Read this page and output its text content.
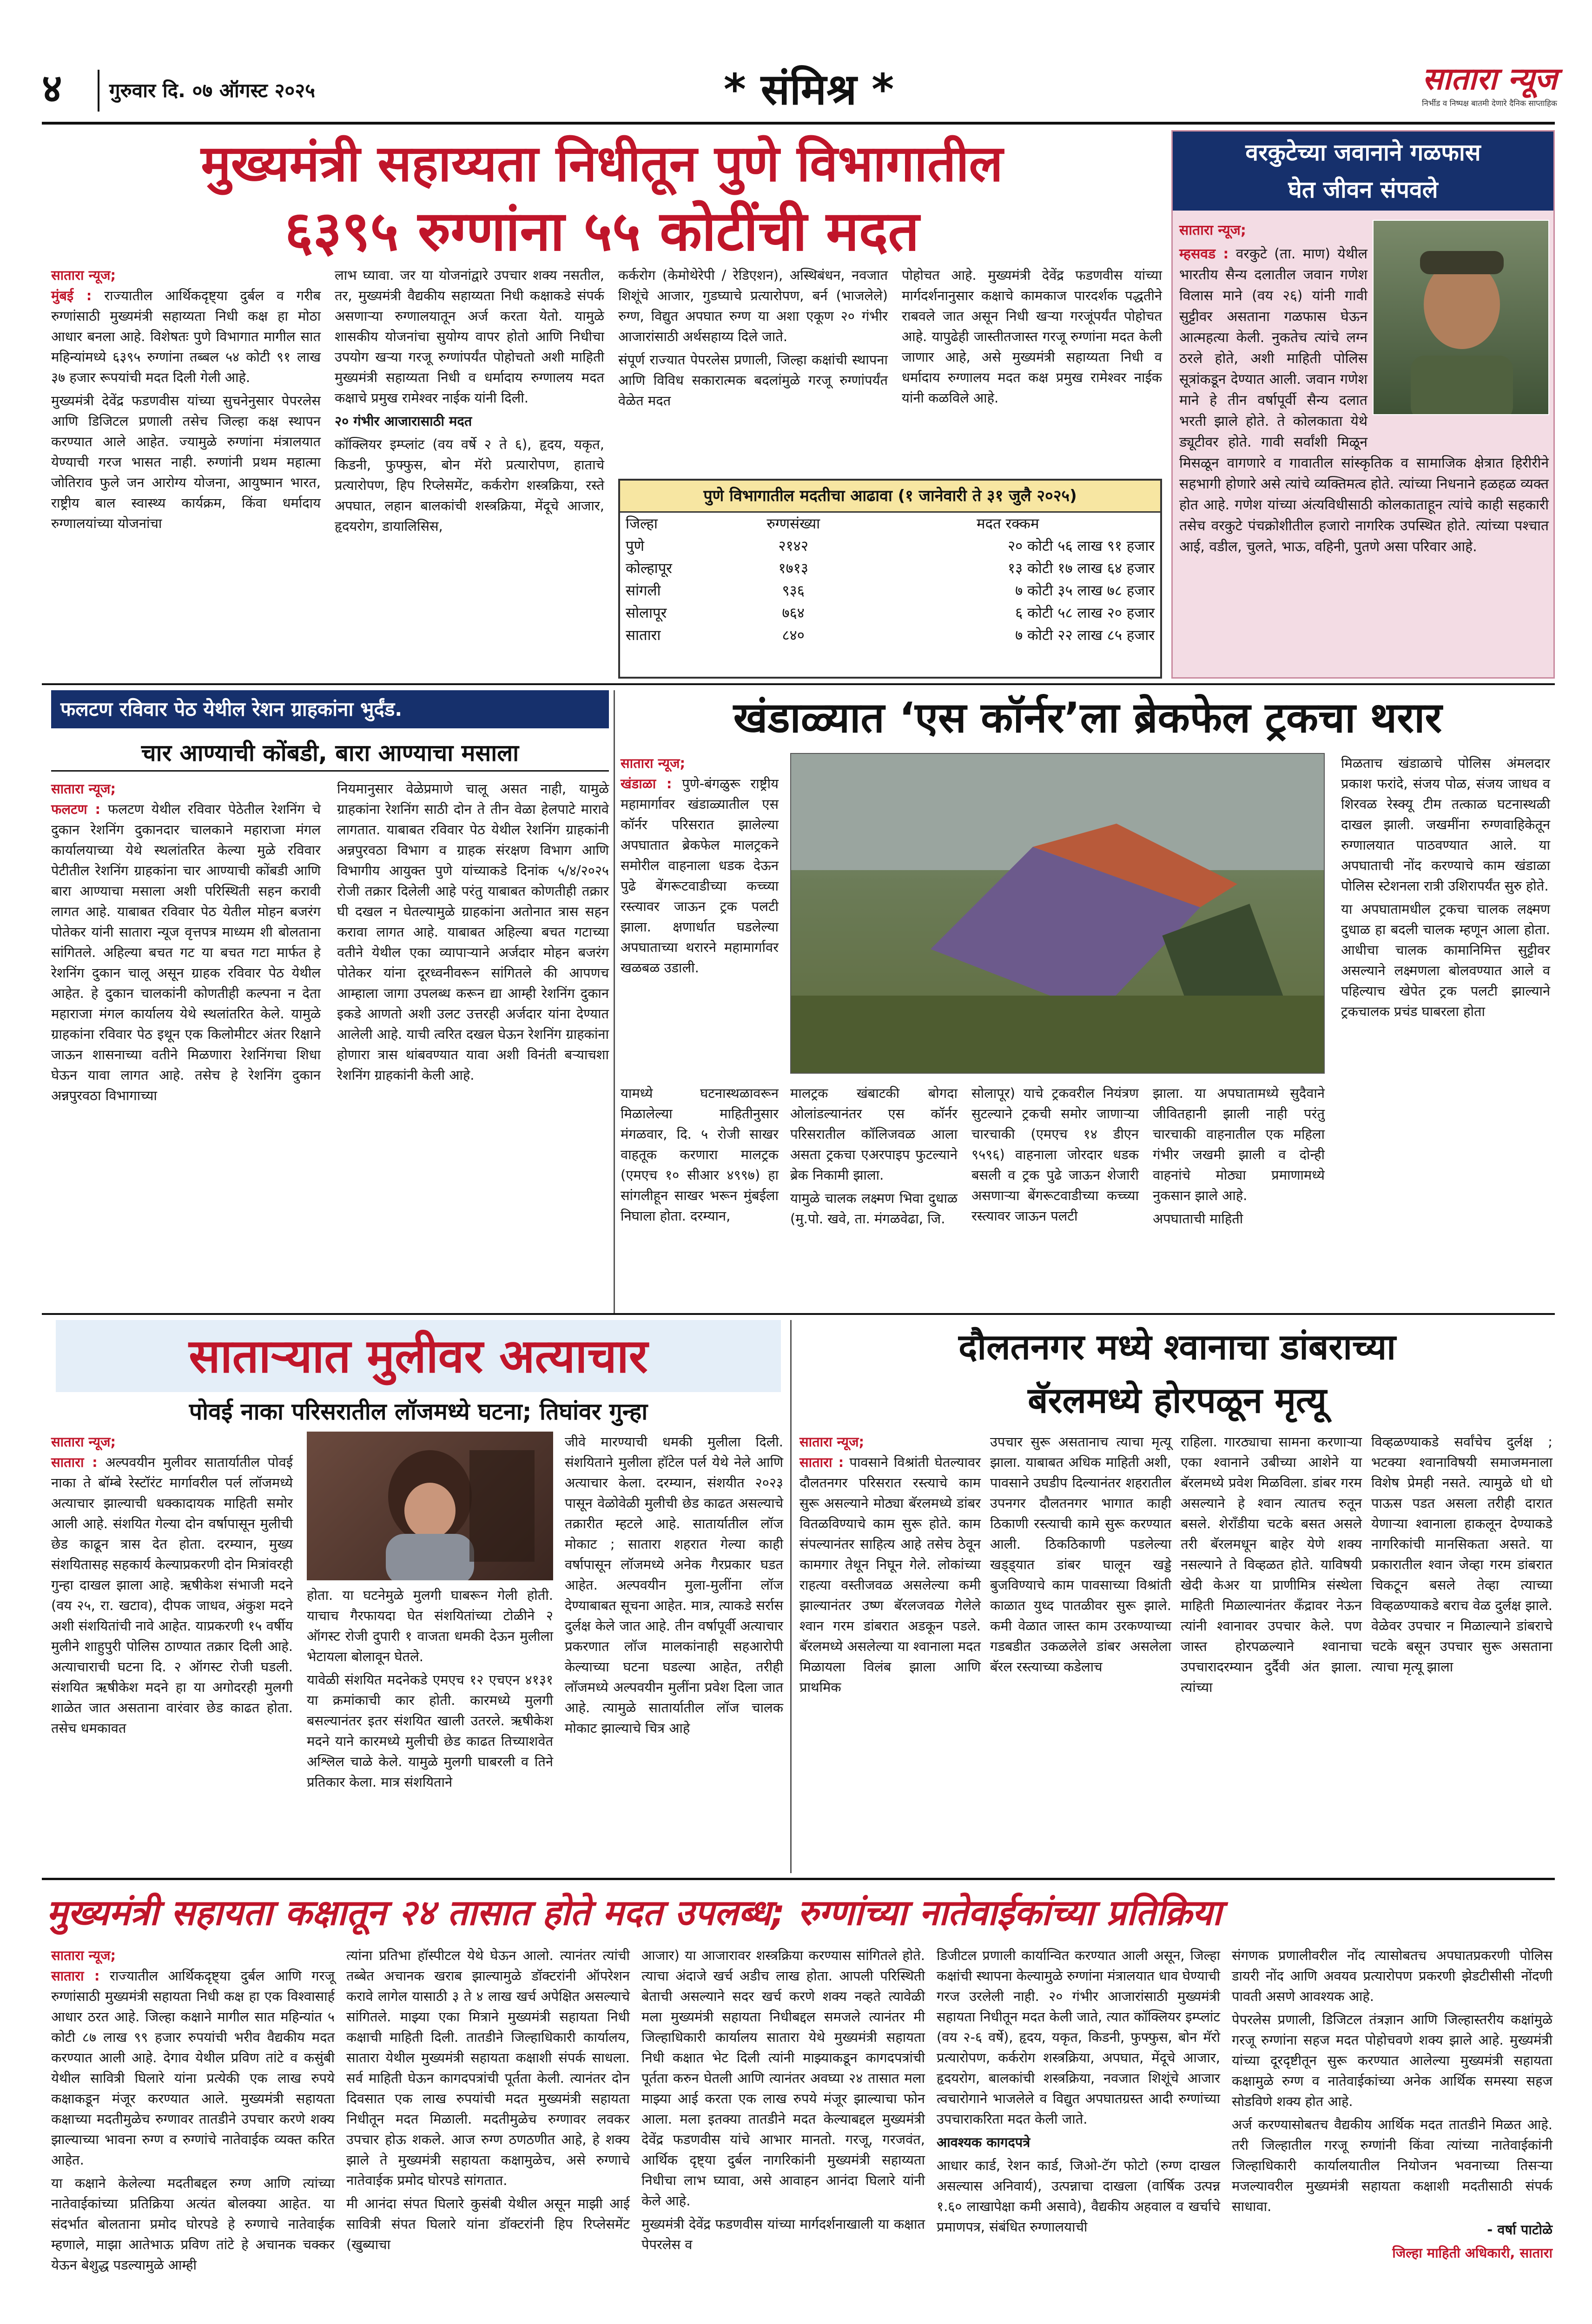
४	गुरुवार दि. ०७ ऑगस्ट २०२५	* संमिश्र *	सातारा न्यूज
निर्भीड व निष्पक्ष बातमी देणारे दैनिक साप्ताहिक
मुख्यमंत्री सहाय्यता निधीतून पुणे विभागातील
६३९५ रुग्णांना ५५ कोटींची मदत
सातारा न्यूज;

मुंबई : राज्यातील आर्थिकदृष्ट्या दुर्बल व गरीब रुग्णांसाठी मुख्यमंत्री सहाय्यता निधी कक्ष हा मोठा आधार बनला आहे. विशेषतः पुणे विभागात मागील सात महिन्यांमध्ये ६३९५ रुग्णांना तब्बल ५४ कोटी ९१ लाख ३७ हजार रूपयांची मदत दिली गेली आहे.

मुख्यमंत्री देवेंद्र फडणवीस यांच्या सुचनेनुसार पेपरलेस आणि डिजिटल प्रणाली तसेच जिल्हा कक्ष स्थापन करण्यात आले आहेत. ज्यामुळे रुग्णांना मंत्रालयात येण्याची गरज भासत नाही. रुग्णांनी प्रथम महात्मा जोतिराव फुले जन आरोग्य योजना, आयुष्मान भारत, राष्ट्रीय बाल स्वास्थ्य कार्यक्रम, किंवा धर्मादाय रुग्णालयांच्या योजनांचा

लाभ घ्यावा. जर या योजनांद्वारे उपचार शक्य नसतील, तर, मुख्यमंत्री वैद्यकीय सहाय्यता निधी कक्षाकडे संपर्क असणाऱ्या रुग्णालयातून अर्ज करता येतो. यामुळे शासकीय योजनांचा सुयोग्य वापर होतो आणि निधीचा उपयोग खऱ्या गरजू रुग्णांपर्यंत पोहोचतो अशी माहिती मुख्यमंत्री सहाय्यता निधी व धर्मादाय रुग्णालय मदत कक्षाचे प्रमुख रामेश्वर नाईक यांनी दिली.

२० गंभीर आजारासाठी मदत

कॉक्लियर इम्प्लांट (वय वर्षे २ ते ६), हृदय, यकृत, किडनी, फुफ्फुस, बोन मॅरो प्रत्यारोपण, हाताचे प्रत्यारोपण, हिप रिप्लेसमेंट, कर्करोग शस्त्रक्रिया, रस्ते अपघात, लहान बालकांची शस्त्रक्रिया, मेंदूचे आजार, हृदयरोग, डायालिसिस,

कर्करोग (केमोथेरेपी / रेडिएशन), अस्थिबंधन, नवजात शिशूंचे आजार, गुडघ्याचे प्रत्यारोपण, बर्न (भाजलेले) रुग्ण, विद्युत अपघात रुग्ण या अशा एकूण २० गंभीर आजारांसाठी अर्थसहाय्य दिले जाते.

संपूर्ण राज्यात पेपरलेस प्रणाली, जिल्हा कक्षांची स्थापना आणि विविध सकारात्मक बदलांमुळे गरजू रुग्णांपर्यंत वेळेत मदत

पोहोचत आहे. मुख्यमंत्री देवेंद्र फडणवीस यांच्या मार्गदर्शनानुसार कक्षाचे कामकाज पारदर्शक पद्धतीने राबवले जात असून निधी खऱ्या गरजूंपर्यंत पोहोचत आहे. यापुढेही जास्तीतजास्त गरजू रुग्णांना मदत केली जाणार आहे, असे मुख्यमंत्री सहाय्यता निधी व धर्मादाय रुग्णालय मदत कक्ष प्रमुख रामेश्वर नाईक यांनी कळविले आहे.

पुणे विभागातील मदतीचा आढावा (१ जानेवारी ते ३१ जुलै २०२५)
जिल्हा	रुग्णसंख्या	मदत रक्कम
पुणे	२१४२	२० कोटी ५६ लाख ९१ हजार
कोल्हापूर	१७१३	१३ कोटी १७ लाख ६४ हजार
सांगली	९३६	७ कोटी ३५ लाख ७८ हजार
सोलापूर	७६४	६ कोटी ५८ लाख २० हजार
सातारा	८४०	७ कोटी २२ लाख ८५ हजार
वरकुटेच्या जवानाने गळफास
घेत जीवन संपवले
सातारा न्यूज;

म्हसवड : वरकुटे (ता. माण) येथील भारतीय सैन्य दलातील जवान गणेश विलास माने (वय २६) यांनी गावी सुट्टीवर असताना गळफास घेऊन आत्महत्या केली. नुकतेच त्यांचे लग्न ठरले होते, अशी माहिती पोलिस सूत्रांकडून देण्यात आली. जवान गणेश माने हे तीन वर्षापूर्वी सैन्य दलात भरती झाले होते. ते कोलकाता येथे ड्यूटीवर होते. गावी सर्वांशी मिळून मिसळून वागणारे व गावातील सांस्कृतिक व सामाजिक क्षेत्रात हिरीरीने सहभागी होणारे असे त्यांचे व्यक्तिमत्व होते. त्यांच्या निधनाने हळहळ व्यक्त होत आहे. गणेश यांच्या अंत्यविधीसाठी कोलकाताहून त्यांचे काही सहकारी तसेच वरकुटे पंचक्रोशीतील हजारो नागरिक उपस्थित होते. त्यांच्या पश्चात आई, वडील, चुलते, भाऊ, वहिनी, पुतणे असा परिवार आहे.

फलटण रविवार पेठ येथील रेशन ग्राहकांना भुर्दंड.
चार आण्याची कोंबडी, बारा आण्याचा मसाला
सातारा न्यूज;

फलटण : फलटण येथील रविवार पेठेतील रेशनिंग चे दुकान रेशनिंग दुकानदार चालकाने महाराजा मंगल कार्यालयाच्या येथे स्थलांतरित केल्या मुळे रविवार पेटीतील रेशनिंग ग्राहकांना चार आण्याची कोंबडी आणि बारा आण्याचा मसाला अशी परिस्थिती सहन करावी लागत आहे. याबाबत रविवार पेठ येतील मोहन बजरंग पोतेकर यांनी सातारा न्यूज वृत्तपत्र माध्यम शी बोलताना सांगितले. अहिल्या बचत गट या बचत गटा मार्फत हे रेशनिंग दुकान चालू असून ग्राहक रविवार पेठ येथील आहेत. हे दुकान चालकांनी कोणतीही कल्पना न देता महाराजा मंगल कार्यालय येथे स्थलांतरित केले. यामुळे ग्राहकांना रविवार पेठ इथून एक किलोमीटर अंतर रिक्षाने जाऊन शासनाच्या वतीने मिळणारा रेशनिंगचा शिधा घेऊन यावा लागत आहे. तसेच हे रेशनिंग दुकान अन्नपुरवठा विभागाच्या

नियमानुसार वेळेप्रमाणे चालू असत नाही, यामुळे ग्राहकांना रेशनिंग साठी दोन ते तीन वेळा हेलपाटे मारावे लागतात. याबाबत रविवार पेठ येथील रेशनिंग ग्राहकांनी अन्नपुरवठा विभाग व ग्राहक संरक्षण विभाग आणि विभागीय आयुक्त पुणे यांच्याकडे दिनांक ५/४/२०२५ रोजी तक्रार दिलेली आहे परंतु याबाबत कोणतीही तक्रार घी दखल न घेतल्यामुळे ग्राहकांना अतोनात त्रास सहन करावा लागत आहे. याबाबत अहिल्या बचत गटाच्या वतीने येथील एका व्यापाऱ्याने अर्जदार मोहन बजरंग पोतेकर यांना दूरध्वनीवरून सांगितले की आपणच आम्हाला जागा उपलब्ध करून द्या आम्ही रेशनिंग दुकान इकडे आणतो अशी उलट उत्तरही अर्जदार यांना देण्यात आलेली आहे. याची त्वरित दखल घेऊन रेशनिंग ग्राहकांना होणारा त्रास थांबवण्यात यावा अशी विनंती बऱ्याचशा रेशनिंग ग्राहकांनी केली आहे.

खंडाळ्यात ‘एस कॉर्नर’ला ब्रेकफेल ट्रकचा थरार
सातारा न्यूज;

खंडाळा : पुणे-बंगळुरू राष्ट्रीय महामार्गावर खंडाळ्यातील एस कॉर्नर परिसरात झालेल्या अपघातात ब्रेकफेल मालट्रकने समोरील वाहनाला धडक देऊन पुढे बेंगरूटवाडीच्या कच्च्या रस्त्यावर जाऊन ट्रक पलटी झाला. क्षणार्धात घडलेल्या अपघाताच्या थरारने महामार्गावर खळबळ उडाली.

यामध्ये घटनास्थळावरून मिळालेल्या माहितीनुसार मंगळवार, दि. ५ रोजी साखर वाहतूक करणारा मालट्रक (एमएच १० सीआर ४९९७) हा सांगलीहून साखर भरून मुंबईला निघाला होता. दरम्यान,

मालट्रक खंबाटकी बोगदा ओलांडल्यानंतर एस कॉर्नर परिसरातील कॉलिजवळ आला असता ट्रकचा एअरपाइप फुटल्याने ब्रेक निकामी झाला.

यामुळे चालक लक्ष्मण भिवा दुधाळ (मु.पो. खवे, ता. मंगळवेढा, जि.

सोलापूर) याचे ट्रकवरील नियंत्रण सुटल्याने ट्रकची समोर जाणाऱ्या चारचाकी (एमएच १४ डीएन ९५९६) वाहनाला जोरदार धडक बसली व ट्रक पुढे जाऊन शेजारी असणाऱ्या बेंगरूटवाडीच्या कच्च्या रस्त्यावर जाऊन पलटी

झाला. या अपघातामध्ये सुदैवाने जीवितहानी झाली नाही परंतु चारचाकी वाहनातील एक महिला गंभीर जखमी झाली व दोन्ही वाहनांचे मोठ्या प्रमाणामध्ये नुकसान झाले आहे.

अपघाताची माहिती

मिळताच खंडाळाचे पोलिस अंमलदार प्रकाश फरांदे, संजय पोळ, संजय जाधव व शिरवळ रेस्क्यू टीम तत्काळ घटनास्थळी दाखल झाली. जखमींना रुग्णवाहिकेतून रुग्णालयात पाठवण्यात आले. या अपघाताची नोंद करण्याचे काम खंडाळा पोलिस स्टेशनला रात्री उशिरापर्यंत सुरु होते.

या अपघातामधील ट्रकचा चालक लक्ष्मण दुधाळ हा बदली चालक म्हणून आला होता. आधीचा चालक कामानिमित्त सुट्टीवर असल्याने लक्ष्मणला बोलवण्यात आले व पहिल्याच खेपेत ट्रक पलटी झाल्याने ट्रकचालक प्रचंड घाबरला होता

साताऱ्यात मुलीवर अत्याचार
पोवई नाका परिसरातील लॉजमध्ये घटना; तिघांवर गुन्हा
सातारा न्यूज;

सातारा : अल्पवयीन मुलीवर सातार्यातील पोवई नाका ते बॉम्बे रेस्टॉरंट मार्गावरील पर्ल लॉजमध्ये अत्याचार झाल्याची धक्कादायक माहिती समोर आली आहे. संशयित गेल्या दोन वर्षापासून मुलीची छेड काढून त्रास देत होता. दरम्यान, मुख्य संशयितासह सहकार्य केल्याप्रकरणी दोन मित्रांवरही गुन्हा दाखल झाला आहे. ऋषीकेश संभाजी मदने (वय २५, रा. खटाव), दीपक जाधव, अंकुश मदने अशी संशयितांची नावे आहेत. याप्रकरणी १५ वर्षीय मुलीने शाहुपुरी पोलिस ठाण्यात तक्रार दिली आहे. अत्याचाराची घटना दि. २ ऑगस्ट रोजी घडली. संशयित ऋषीकेश मदने हा या अगोदरही मुलगी शाळेत जात असताना वारंवार छेड काढत होता. तसेच धमकावत

होता. या घटनेमुळे मुलगी घाबरून गेली होती. याचाच गैरफायदा घेत संशयितांच्या टोळीने २ ऑगस्ट रोजी दुपारी १ वाजता धमकी देऊन मुलीला भेटायला बोलावून घेतले.

यावेळी संशयित मदनेकडे एमएच १२ एचएन ४१३१ या क्रमांकाची कार होती. कारमध्ये मुलगी बसल्यानंतर इतर संशयित खाली उतरले. ऋषीकेश मदने याने कारमध्ये मुलीची छेड काढत तिच्याशवेत अश्लिल चाळे केले. यामुळे मुलगी घाबरली व तिने प्रतिकार केला. मात्र संशयिताने

जीवे मारण्याची धमकी मुलीला दिली. संशयिताने मुलीला हॉटेल पर्ल येथे नेले आणि अत्याचार केला. दरम्यान, संशयीत २०२३ पासून वेळोवेळी मुलीची छेड काढत असल्याचे तक्रारीत म्हटले आहे. सातार्यातील लॉज मोकाट ; सातारा शहरात गेल्या काही वर्षापासून लॉजमध्ये अनेक गैरप्रकार घडत आहेत. अल्पवयीन मुला-मुलींना लॉज देण्याबाबत सूचना आहेत. मात्र, त्याकडे सर्रास दुर्लक्ष केले जात आहे. तीन वर्षापूर्वी अत्याचार प्रकरणात लॉज मालकांनाही सहआरोपी केल्याच्या घटना घडल्या आहेत, तरीही लॉजमध्ये अल्पवयीन मुलींना प्रवेश दिला जात आहे. त्यामुळे सातार्यातील लॉज चालक मोकाट झाल्याचे चित्र आहे

दौलतनगर मध्ये श्वानाचा डांबराच्या
बॅरलमध्ये होरपळून मृत्यू
सातारा न्यूज;

सातारा : पावसाने विश्रांती घेतल्यावर दौलतनगर परिसरात रस्त्याचे काम सुरू असल्याने मोठ्या बॅरलमध्ये डांबर वितळविण्याचे काम सुरू होते. काम संपल्यानंतर साहित्य आहे तसेच ठेवून कामगार तेथून निघून गेले. लोकांच्या राहत्या वस्तीजवळ असलेल्या कमी झाल्यानंतर उष्ण बॅरलजवळ गेलेले श्वान गरम डांबरात अडकून पडले. बॅरलमध्ये असलेल्या या श्वानाला मदत मिळायला विलंब झाला आणि प्राथमिक

उपचार सुरू असतानाच त्याचा मृत्यू झाला. याबाबत अधिक माहिती अशी, पावसाने उघडीप दिल्यानंतर शहरातील उपनगर दौलतनगर भागात काही ठिकाणी रस्त्याची कामे सुरू करण्यात आली. ठिकठिकाणी पडलेल्या खड्ड्यात डांबर घालून खड्डे बुजविण्याचे काम पावसाच्या विश्रांती काळात युध्द पातळीवर सुरू झाले. कमी वेळात जास्त काम उरकण्याच्या गडबडीत उकळलेले डांबर असलेला बॅरल रस्त्याच्या कडेलाच

राहिला. गारठ्याचा सामना करणाऱ्या एका श्वानाने उबीच्या आशेने या बॅरलमध्ये प्रवेश मिळविला. डांबर गरम असल्याने हे श्वान त्यातच रुतून बसले. शेराँडीया चटके बसत असले तरी बॅरलमधून बाहेर येणे शक्य नसल्याने ते विव्हळत होते. याविषयी खेदी केअर या प्राणीमित्र संस्थेला माहिती मिळाल्यानंतर कँद्रावर नेऊन त्यांनी श्वानावर उपचार केले. पण जास्त होरपळल्याने श्वानाचा उपचारादरम्यान दुर्दैवी अंत झाला. त्यांच्या

विव्हळण्याकडे सर्वांचेच दुर्लक्ष ; भटक्या श्वानाविषयी समाजमनाला विशेष प्रेमही नसते. त्यामुळे धो धो पाऊस पडत असला तरीही दारात येणाऱ्या श्वानाला हाकलून देण्याकडे नागरिकांची मानसिकता असते. या प्रकारातील श्वान जेव्हा गरम डांबरात चिकटून बसले तेव्हा त्याच्या विव्हळण्याकडे बराच वेळ दुर्लक्ष झाले. वेळेवर उपचार न मिळाल्याने डांबराचे चटके बसून उपचार सुरू असताना त्याचा मृत्यू झाला

मुख्यमंत्री सहायता कक्षातून २४ तासात होते मदत उपलब्ध; रुग्णांच्या नातेवाईकांच्या प्रतिक्रिया
सातारा न्यूज;

सातारा : राज्यातील आर्थिकदृष्ट्या दुर्बल आणि गरजू रुग्णांसाठी मुख्यमंत्री सहायता निधी कक्ष हा एक विश्वासार्ह आधार ठरत आहे. जिल्हा कक्षाने मागील सात महिन्यांत ५ कोटी ८७ लाख ९९ हजार रुपयांची भरीव वैद्यकीय मदत करण्यात आली आहे. देगाव येथील प्रविण तांटे व कसुंबी येथील सावित्री घिलारे यांना प्रत्येकी एक लाख रुपये कक्षाकडून मंजूर करण्यात आले. मुख्यमंत्री सहायता कक्षाच्या मदतीमुळेच रुग्णावर तातडीने उपचार करणे शक्य झाल्याच्या भावना रुग्ण व रुग्णांचे नातेवाईक व्यक्त करित आहेत.

या कक्षाने केलेल्या मदतीबद्दल रुग्ण आणि त्यांच्या नातेवाईकांच्या प्रतिक्रिया अत्यंत बोलक्या आहेत. या संदर्भात बोलताना प्रमोद घोरपडे हे रुग्णाचे नातेवाईक म्हणाले, माझा आतेभाऊ प्रविण तांटे हे अचानक चक्कर येऊन बेशुद्ध पडल्यामुळे आम्ही

त्यांना प्रतिभा हॉस्पीटल येथे घेऊन आलो. त्यानंतर त्यांची तब्बेत अचानक खराब झाल्यामुळे डॉक्टरांनी ऑपरेशन करावे लागेल यासाठी ३ ते ४ लाख खर्च अपेक्षित असल्याचे सांगितले. माझ्या एका मित्राने मुख्यमंत्री सहायता निधी कक्षाची माहिती दिली. तातडीने जिल्हाधिकारी कार्यालय, सातारा येथील मुख्यमंत्री सहायता कक्षाशी संपर्क साधला. सर्व माहिती घेऊन कागदपत्रांची पूर्तता केली. त्यानंतर दोन दिवसात एक लाख रुपयांची मदत मुख्यमंत्री सहायता निधीतून मदत मिळाली. मदतीमुळेच रुग्णावर लवकर उपचार होऊ शकले. आज रुग्ण ठणठणीत आहे, हे शक्य झाले ते मुख्यमंत्री सहायता कक्षामुळेच, असे रुग्णाचे नातेवाईक प्रमोद घोरपडे सांगतात.

मी आनंदा संपत घिलारे कुसंबी येथील असून माझी आई सावित्री संपत घिलारे यांना डॉक्टरांनी हिप रिप्लेसमेंट (खुब्याचा

आजार) या आजारावर शस्त्रक्रिया करण्यास सांगितले होते. त्याचा अंदाजे खर्च अडीच लाख होता. आपली परिस्थिती बेताची असल्याने सदर खर्च करणे शक्य नव्हते त्यावेळी मला मुख्यमंत्री सहायता निधीबद्दल समजले त्यानंतर मी जिल्हाधिकारी कार्यालय सातारा येथे मुख्यमंत्री सहायता निधी कक्षात भेट दिली त्यांनी माझ्याकडून कागदपत्रांची पूर्तता करुन घेतली आणि त्यानंतर अवघ्या २४ तासात मला माझ्या आई करता एक लाख रुपये मंजूर झाल्याचा फोन आला. मला इतक्या तातडीने मदत केल्याबद्दल मुख्यमंत्री देवेंद्र फडणवीस यांचे आभार मानतो. गरजू, गरजवंत, आर्थिक दृष्ट्या दुर्बल नागरिकांनी मुख्यमंत्री सहाय्यता निधीचा लाभ घ्यावा, असे आवाहन आनंदा घिलारे यांनी केले आहे.

मुख्यमंत्री देवेंद्र फडणवीस यांच्या मार्गदर्शनाखाली या कक्षात पेपरलेस व

डिजीटल प्रणाली कार्यान्वित करण्यात आली असून, जिल्हा कक्षांची स्थापना केल्यामुळे रुग्णांना मंत्रालयात धाव घेण्याची गरज उरलेली नाही. २० गंभीर आजारांसाठी मुख्यमंत्री सहायता निधीतून मदत केली जाते, त्यात कॉक्लियर इम्प्लांट (वय २-६ वर्षे), हृदय, यकृत, किडनी, फुफ्फुस, बोन मॅरो प्रत्यारोपण, कर्करोग शस्त्रक्रिया, अपघात, मेंदूचे आजार, हृदयरोग, बालकांची शस्त्रक्रिया, नवजात शिशूंचे आजार त्वचारोगाने भाजलेले व विद्युत अपघातग्रस्त आदी रुग्णांच्या उपचाराकरिता मदत केली जाते.

आवश्यक कागदपत्रे

आधार कार्ड, रेशन कार्ड, जिओ-टॅग फोटो (रुग्ण दाखल असल्यास अनिवार्य), उत्पन्नाचा दाखला (वार्षिक उत्पन्न १.६० लाखापेक्षा कमी असावे), वैद्यकीय अहवाल व खर्चाचे प्रमाणपत्र, संबंधित रुग्णालयाची

संगणक प्रणालीवरील नोंद त्यासोबतच अपघातप्रकरणी पोलिस डायरी नोंद आणि अवयव प्रत्यारोपण प्रकरणी झेडटीसीसी नोंदणी पावती असणे आवश्यक आहे.

पेपरलेस प्रणाली, डिजिटल तंत्रज्ञान आणि जिल्हास्तरीय कक्षांमुळे गरजू रुग्णांना सहज मदत पोहोचवणे शक्य झाले आहे. मुख्यमंत्री यांच्या दूरदृष्टीतून सुरू करण्यात आलेल्या मुख्यमंत्री सहायता कक्षामुळे रुग्ण व नातेवाईकांच्या अनेक आर्थिक समस्या सहज सोडविणे शक्य होत आहे.

अर्ज करण्यासोबतच वैद्यकीय आर्थिक मदत तातडीने मिळत आहे. तरी जिल्हातील गरजू रुग्णांनी किंवा त्यांच्या नातेवाईकांनी जिल्हाधिकारी कार्यालयातील नियोजन भवनाच्या तिसऱ्या मजल्यावरील मुख्यमंत्री सहायता कक्षाशी मदतीसाठी संपर्क साधावा.

- वर्षा पाटोळे

जिल्हा माहिती अधिकारी, सातारा
